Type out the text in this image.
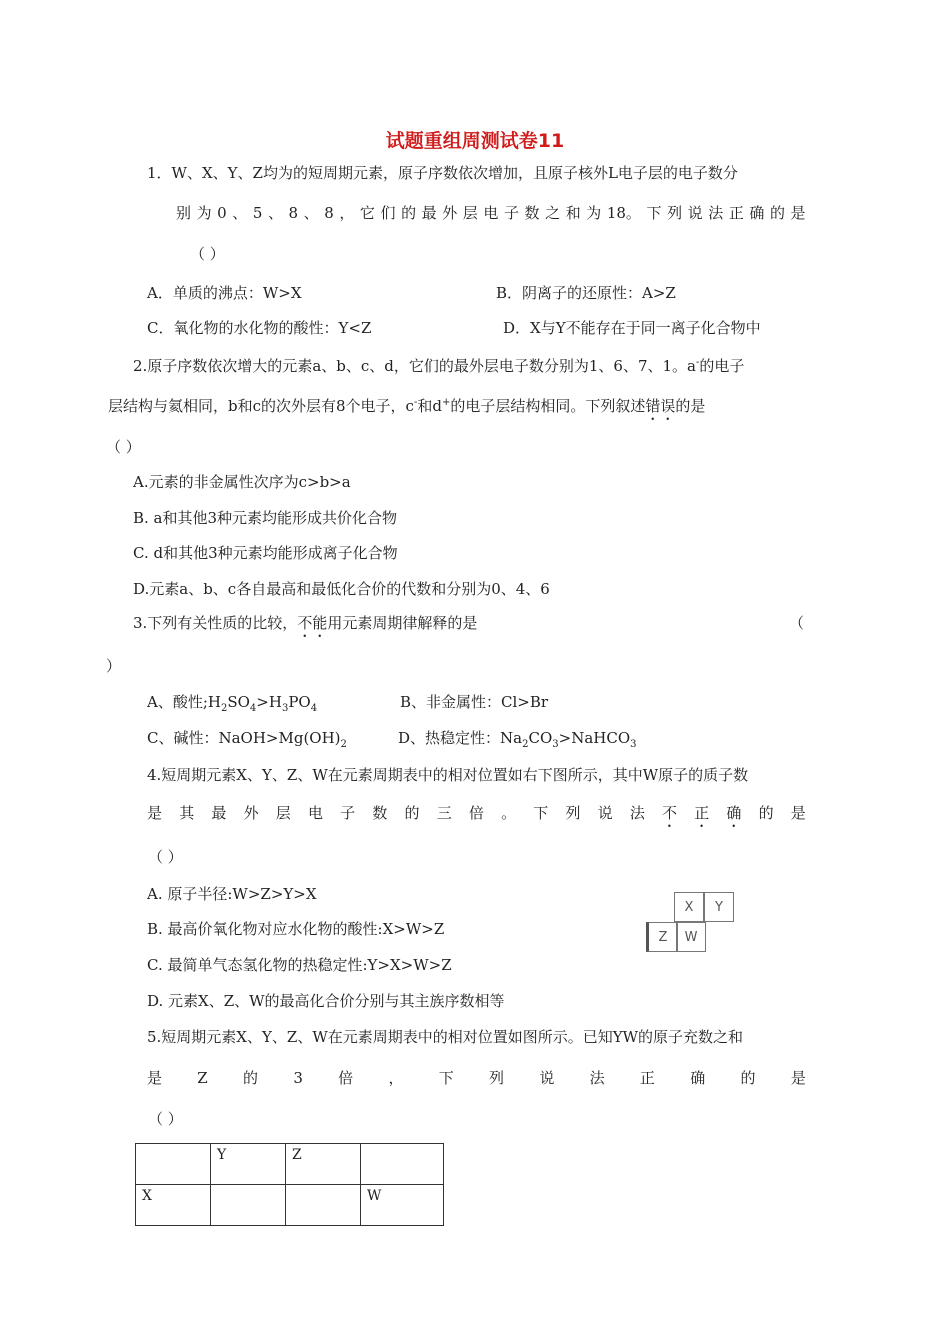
试题重组周测试卷11
1．W、X、Y、Z均为的短周期元素，原子序数依次增加，且原子核外L电子层的电子数分
别 为 0 、 5 、 8 、 8 ， 它 们 的 最 外 层 电 子 数 之 和 为 18。 下 列 说 法 正 确 的 是
（ ）
A．单质的沸点：W>X	B．阴离子的还原性：A>Z
C．氧化物的水化物的酸性：Y<Z	D．X与Y不能存在于同一离子化合物中
2.原子序数依次增大的元素a、b、c、d，它们的最外层电子数分别为1、6、7、1。a-的电子
层结构与氦相同，b和c的次外层有8个电子，c-和d+的电子层结构相同。下列叙述错误的是
（ ）
A.元素的非金属性次序为c>b>a
B. a和其他3种元素均能形成共价化合物
C. d和其他3种元素均能形成离子化合物
D.元素a、b、c各自最高和最低化合价的代数和分别为0、4、6
3.下列有关性质的比较，不能用元素周期律解释的是	（
）
A、酸性$;H_2SO_4>H_3PO_4$	B、非金属性：Cl>Br
C、碱性：$NaOH>Mg(OH)_2$	D、热稳定性：$Na_2CO_3>NaHCO_3$
4.短周期元素X、Y、Z、W在元素周期表中的相对位置如右下图所示，其中W原子的质子数
是 其 最 外 层 电 子 数 的 三 倍 。 下 列 说 法 不 正 确 的 是
（ ）
A. 原子半径:W>Z>Y>X
B. 最高价氧化物对应水化物的酸性:X>W>Z
C. 最简单气态氢化物的热稳定性:Y>X>W>Z
D. 元素X、Z、W的最高化合价分别与其主族序数相等
X	Y
Z	W
5.短周期元素X、Y、Z、W在元素周期表中的相对位置如图所示。已知YW的原子充数之和
是 Z 的 3 倍 ， 下 列 说 法 正 确 的 是
（ ）
	Y	Z	
X			W
